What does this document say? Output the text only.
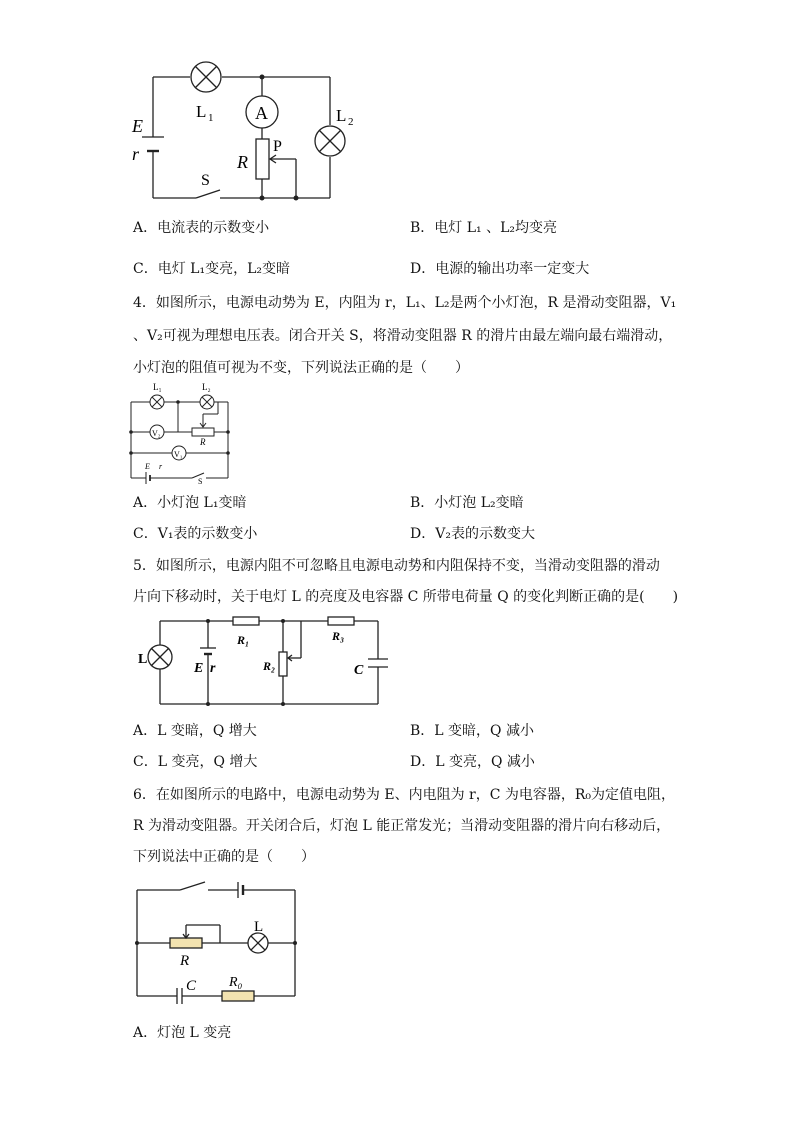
E
r
L 1	L 2
A
R
P
S
A．电流表的示数变小	B．电灯 L₁ 、L₂均变亮
C．电灯 L₁变亮，L₂变暗	D．电源的输出功率一定变大
4．如图所示，电源电动势为 E，内阻为 r，L₁、L₂是两个小灯泡，R 是滑动变阻器，V₁
、V₂可视为理想电压表。闭合开关 S，将滑动变阻器 R 的滑片由最左端向最右端滑动，
小灯泡的阻值可视为不变，下列说法正确的是（　　）
L₁	L₂
V₂
V₁
R
E r
S
A．小灯泡 L₁变暗	B．小灯泡 L₂变暗
C．V₁表的示数变小	D．V₂表的示数变大
5．如图所示，电源内阻不可忽略且电源电动势和内阻保持不变，当滑动变阻器的滑动
片向下移动时，关于电灯 L 的亮度及电容器 C 所带电荷量 Q 的变化判断正确的是(　　)
L
E r
R₁
R₂
R₃
C
A．L 变暗，Q 增大	B．L 变暗，Q 减小
C．L 变亮，Q 增大	D．L 变亮，Q 减小
6．在如图所示的电路中，电源电动势为 E、内电阻为 r，C 为电容器，R₀为定值电阻，
R 为滑动变阻器。开关闭合后，灯泡 L 能正常发光；当滑动变阻器的滑片向右移动后，
下列说法中正确的是（　　）
L
R
C R₀
A．灯泡 L 变亮
